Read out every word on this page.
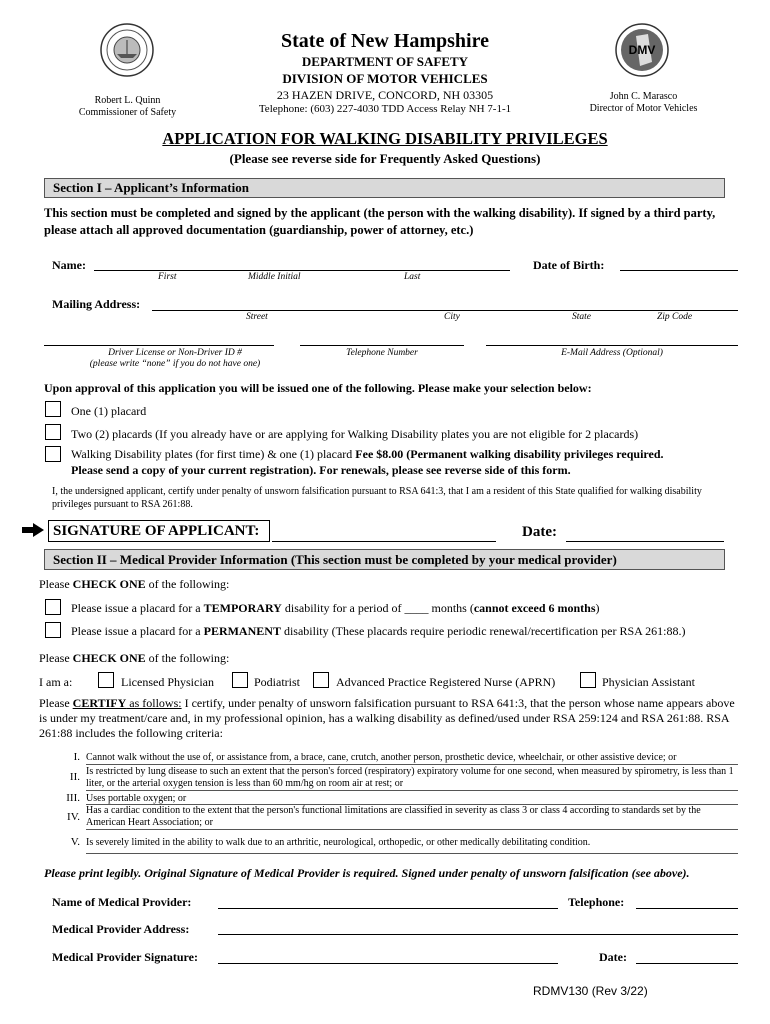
DMV
State of New Hampshire
DEPARTMENT OF SAFETY
DIVISION OF MOTOR VEHICLES
23 HAZEN DRIVE, CONCORD, NH 03305
Telephone: (603) 227-4030 TDD Access Relay NH 7-1-1
Robert L. Quinn
Commissioner of Safety
John C. Marasco
Director of Motor Vehicles
APPLICATION FOR WALKING DISABILITY PRIVILEGES
(Please see reverse side for Frequently Asked Questions)
Section I – Applicant’s Information
This section must be completed and signed by the applicant (the person with the walking disability). If signed by a third party, please attach all approved documentation (guardianship, power of attorney, etc.)
Name:
First	Middle Initial	Last
Date of Birth:
Mailing Address:
Street	City	State	Zip Code
Driver License or Non-Driver ID #
(please write “none” if you do not have one)
Telephone Number	E-Mail Address (Optional)
Upon approval of this application you will be issued one of the following. Please make your selection below:
One (1) placard
Two (2) placards (If you already have or are applying for Walking Disability plates you are not eligible for 2 placards)
Walking Disability plates (for first time) & one (1) placard Fee $8.00 (Permanent walking disability privileges required.
Please send a copy of your current registration). For renewals, please see reverse side of this form.
I, the undersigned applicant, certify under penalty of unsworn falsification pursuant to RSA 641:3, that I am a resident of this State qualified for walking disability privileges pursuant to RSA 261:88.
SIGNATURE OF APPLICANT:	Date:
Section II – Medical Provider Information (This section must be completed by your medical provider)
Please CHECK ONE of the following:
Please issue a placard for a TEMPORARY disability for a period of ____ months (cannot exceed 6 months)
Please issue a placard for a PERMANENT disability (These placards require periodic renewal/recertification per RSA 261:88.)
Please CHECK ONE of the following:
I am a:	Licensed Physician	Podiatrist	Advanced Practice Registered Nurse (APRN)	Physician Assistant
Please CERTIFY as follows: I certify, under penalty of unsworn falsification pursuant to RSA 641:3, that the person whose name appears above is under my treatment/care and, in my professional opinion, has a walking disability as defined/used under RSA 259:124 and RSA 261:88. RSA 261:88 includes the following criteria:
I. Cannot walk without the use of, or assistance from, a brace, cane, crutch, another person, prosthetic device, wheelchair, or other assistive device; or
II. Is restricted by lung disease to such an extent that the person's forced (respiratory) expiratory volume for one second, when measured by spirometry, is less than 1 liter, or the arterial oxygen tension is less than 60 mm/hg on room air at rest; or
III. Uses portable oxygen; or
IV.
Has a cardiac condition to the extent that the person's functional limitations are classified in severity as class 3 or class 4 according to standards set by the American Heart Association; or
V. Is severely limited in the ability to walk due to an arthritic, neurological, orthopedic, or other medically debilitating condition.
Please print legibly. Original Signature of Medical Provider is required. Signed under penalty of unsworn falsification (see above).
Name of Medical Provider:	Telephone:
Medical Provider Address:
Medical Provider Signature:	Date:
RDMV130 (Rev 3/22)
